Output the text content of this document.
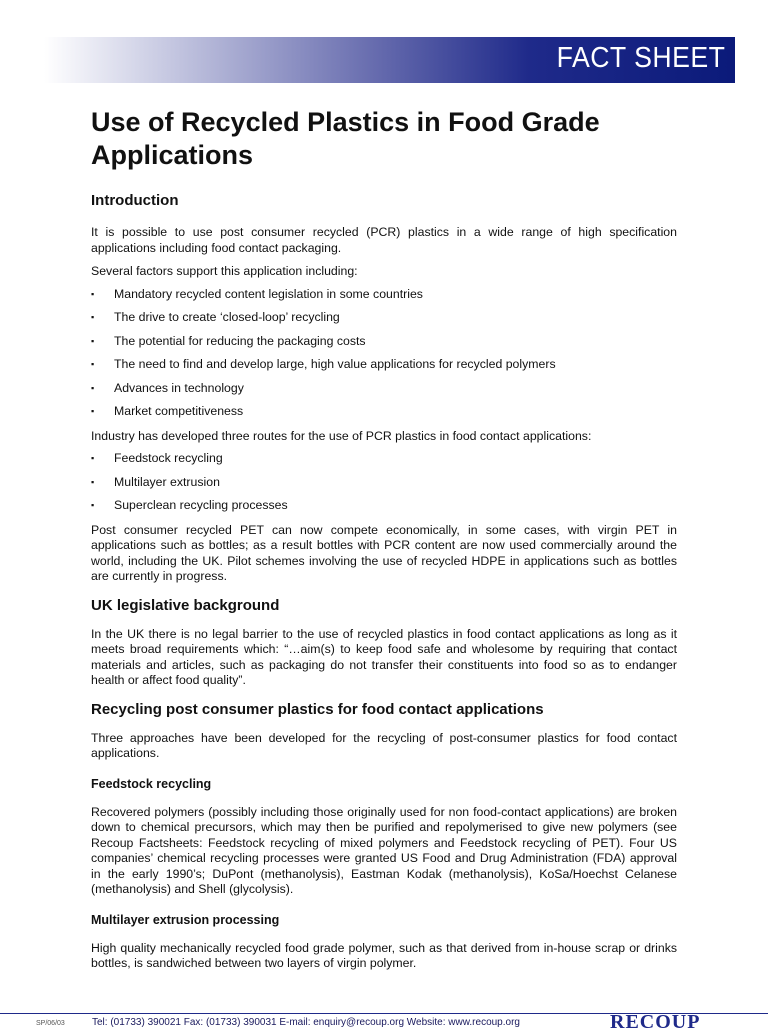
FACT SHEET
Use of Recycled Plastics in Food Grade Applications
Introduction

It is possible to use post consumer recycled (PCR) plastics in a wide range of high specification applications including food contact packaging.

Several factors support this application including:

▪ Mandatory recycled content legislation in some countries
▪ The drive to create ‘closed-loop’ recycling
▪ The potential for reducing the packaging costs
▪ The need to find and develop large, high value applications for recycled polymers
▪ Advances in technology
▪ Market competitiveness

Industry has developed three routes for the use of PCR plastics in food contact applications:

▪ Feedstock recycling
▪ Multilayer extrusion
▪ Superclean recycling processes

Post consumer recycled PET can now compete economically, in some cases, with virgin PET in applications such as bottles; as a result bottles with PCR content are now used commercially around the world, including the UK. Pilot schemes involving the use of recycled HDPE in applications such as bottles are currently in progress.

UK legislative background

In the UK there is no legal barrier to the use of recycled plastics in food contact applications as long as it meets broad requirements which: “…aim(s) to keep food safe and wholesome by requiring that contact materials and articles, such as packaging do not transfer their constituents into food so as to endanger health or affect food quality”.

Recycling post consumer plastics for food contact applications

Three approaches have been developed for the recycling of post-consumer plastics for food contact applications.

Feedstock recycling

Recovered polymers (possibly including those originally used for non food-contact applications) are broken down to chemical precursors, which may then be purified and repolymerised to give new polymers (see Recoup Factsheets: Feedstock recycling of mixed polymers and Feedstock recycling of PET). Four US companies’ chemical recycling processes were granted US Food and Drug Administration (FDA) approval in the early 1990’s; DuPont (methanolysis), Eastman Kodak (methanolysis), KoSa/Hoechst Celanese (methanolysis) and Shell (glycolysis).

Multilayer extrusion processing

High quality mechanically recycled food grade polymer, such as that derived from in-house scrap or drinks bottles, is sandwiched between two layers of virgin polymer.

SP/06/03	Tel: (01733) 390021 Fax: (01733) 390031 E-mail: enquiry@recoup.org Website: www.recoup.org	RECOUP
